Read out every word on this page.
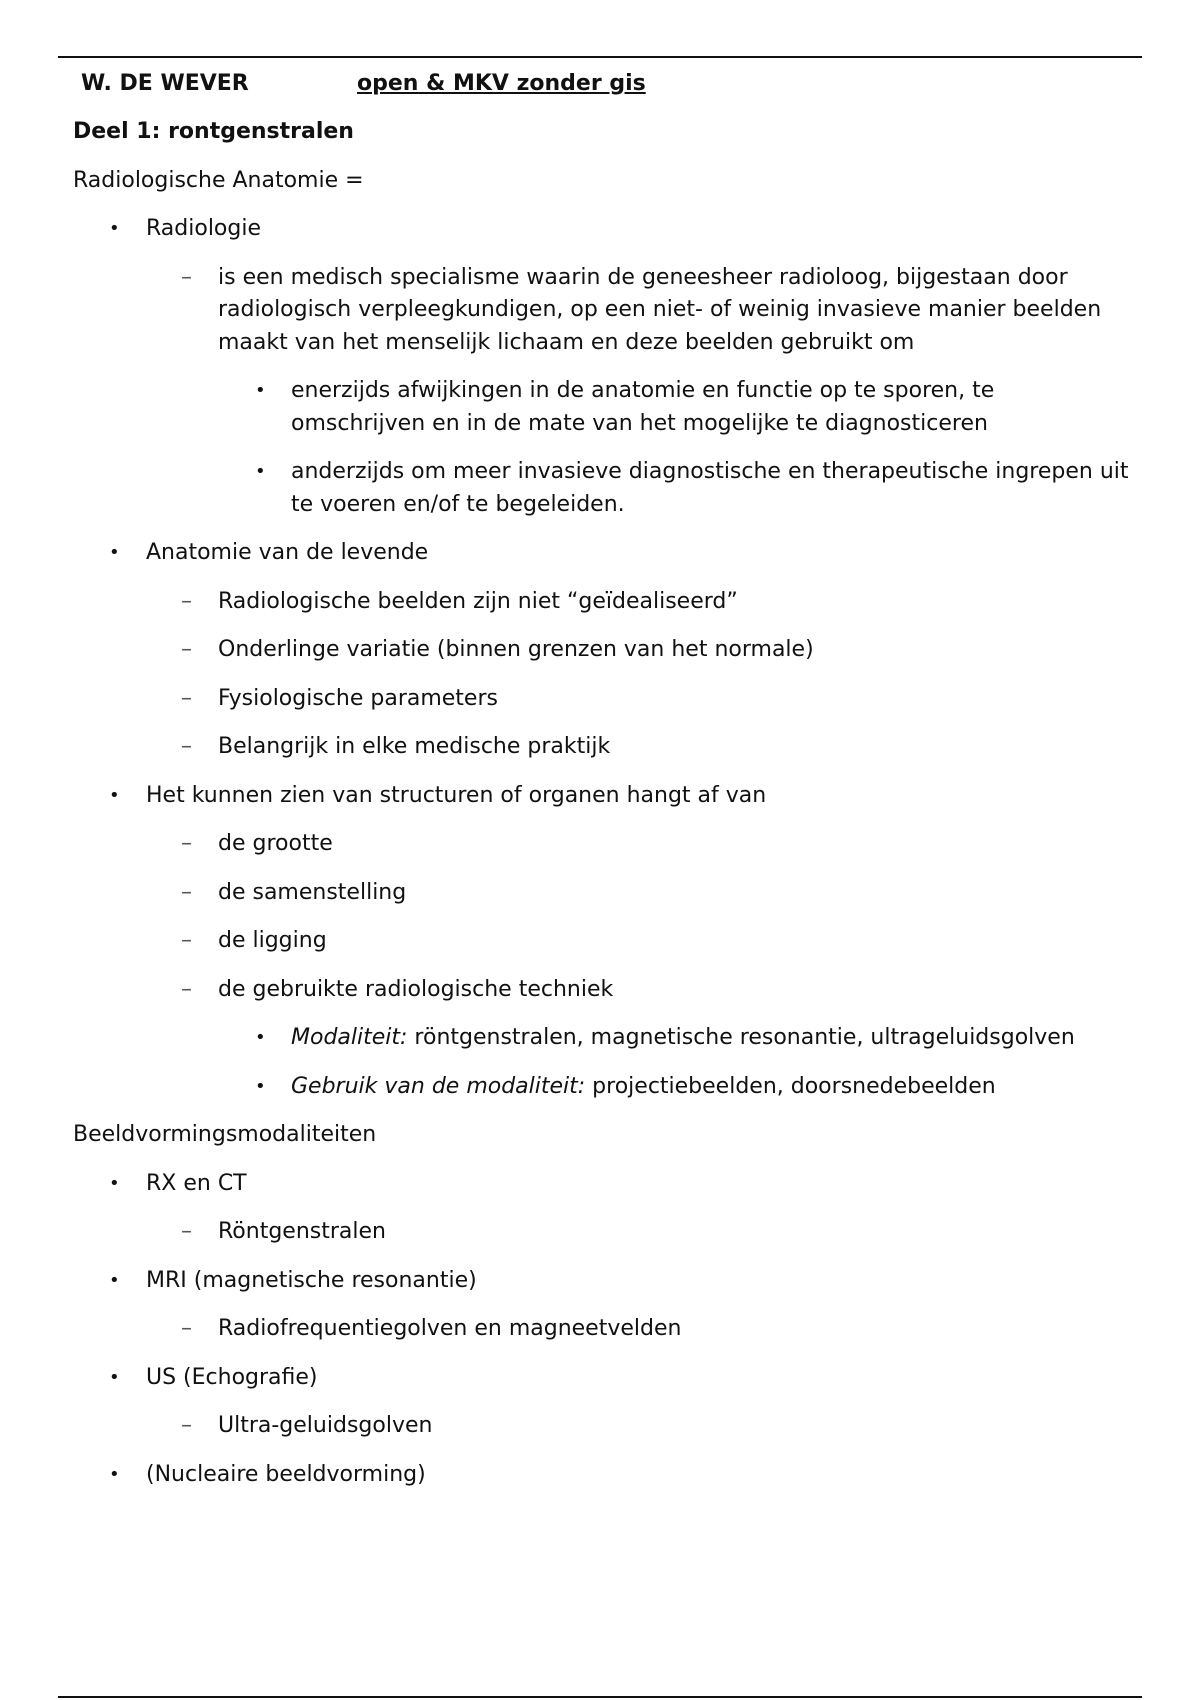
W. DE WEVER	open & MKV zonder gis
Deel 1: rontgenstralen
Radiologische Anatomie =
• Radiologie
– is een medisch specialisme waarin de geneesheer radioloog, bijgestaan door radiologisch verpleegkundigen, op een niet- of weinig invasieve manier beelden maakt van het menselijk lichaam en deze beelden gebruikt om
• enerzijds afwijkingen in de anatomie en functie op te sporen, te omschrijven en in de mate van het mogelijke te diagnosticeren
• anderzijds om meer invasieve diagnostische en therapeutische ingrepen uit te voeren en/of te begeleiden.
• Anatomie van de levende
– Radiologische beelden zijn niet “geïdealiseerd”
– Onderlinge variatie (binnen grenzen van het normale)
– Fysiologische parameters
– Belangrijk in elke medische praktijk
• Het kunnen zien van structuren of organen hangt af van
– de grootte
– de samenstelling
– de ligging
– de gebruikte radiologische techniek
• Modaliteit: röntgenstralen, magnetische resonantie, ultrageluidsgolven
• Gebruik van de modaliteit: projectiebeelden, doorsnedebeelden
Beeldvormingsmodaliteiten
• RX en CT
– Röntgenstralen
• MRI (magnetische resonantie)
– Radiofrequentiegolven en magneetvelden
• US (Echografie)
– Ultra-geluidsgolven
• (Nucleaire beeldvorming)
